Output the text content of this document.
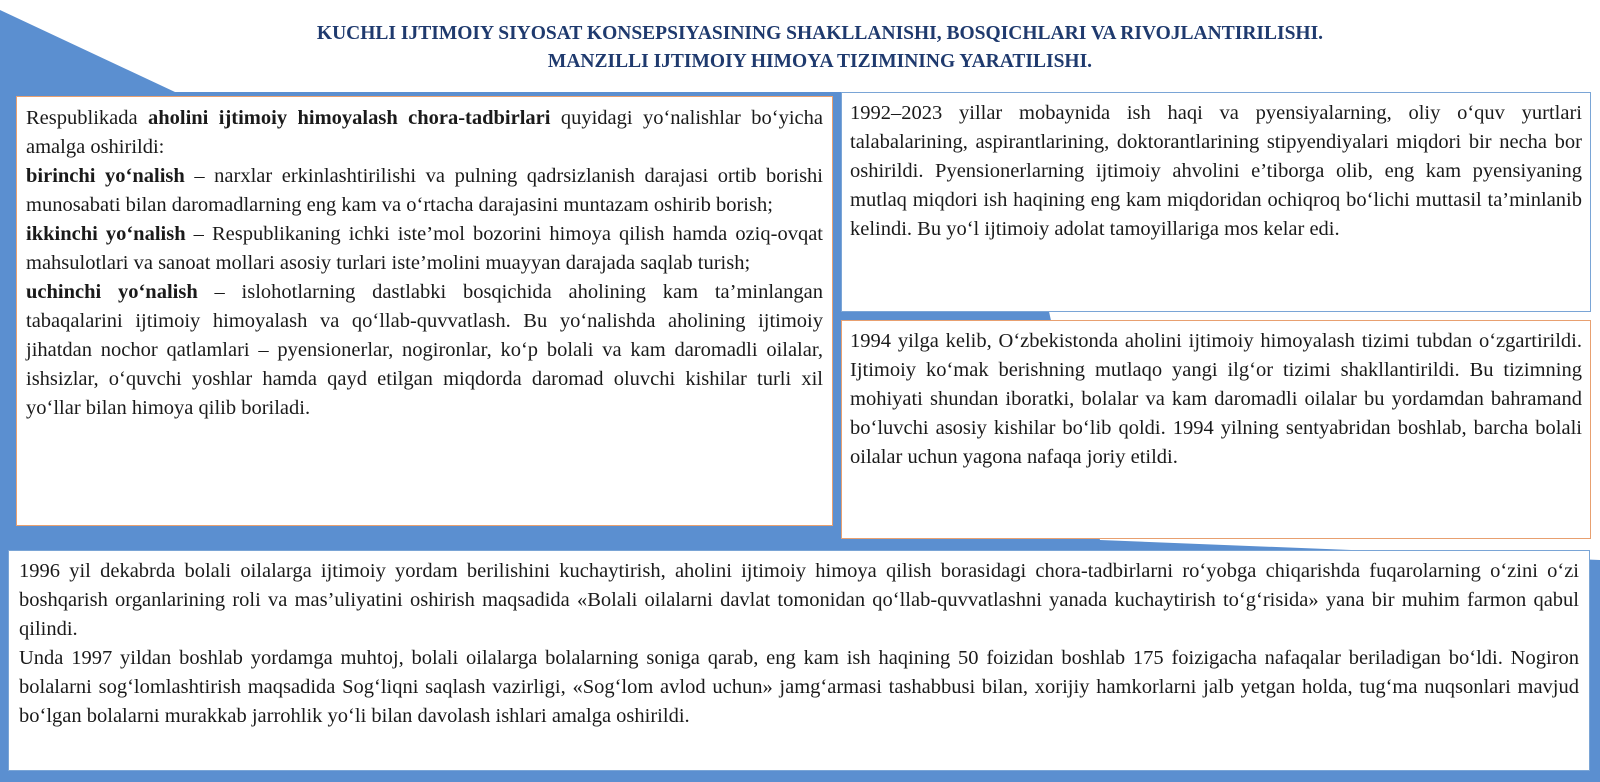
KUCHLI IJTIMOIY SIYOSAT KONSEPSIYASINING SHAKLLANISHI, BOSQICHLARI VA RIVOJLANTIRILISHI.
MANZILLI IJTIMOIY HIMOYA TIZIMINING YARATILISHI.

Respublikada aholini ijtimoiy himoyalash chora-tadbirlari quyidagi yo‘nalishlar bo‘yicha amalga oshirildi:

birinchi yo‘nalish – narxlar erkinlashtirilishi va pulning qadrsizlanish darajasi ortib borishi munosabati bilan daromadlarning eng kam va o‘rtacha darajasini muntazam oshirib borish;

ikkinchi yo‘nalish – Respublikaning ichki iste’mol bozorini himoya qilish hamda oziq-ovqat mahsulotlari va sanoat mollari asosiy turlari iste’molini muayyan darajada saqlab turish;

uchinchi yo‘nalish – islohotlarning dastlabki bosqichida aholining kam ta’minlangan tabaqalarini ijtimoiy himoyalash va qo‘llab-quvvatlash. Bu yo‘nalishda aholining ijtimoiy jihatdan nochor qatlamlari – pyensionerlar, nogironlar, ko‘p bolali va kam daromadli oilalar, ishsizlar, o‘quvchi yoshlar hamda qayd etilgan miqdorda daromad oluvchi kishilar turli xil yo‘llar bilan himoya qilib boriladi.

1992–2023 yillar mobaynida ish haqi va pyensiyalarning, oliy o‘quv yurtlari talabalarining, aspirantlarining, doktorantlarining stipyendiyalari miqdori bir necha bor oshirildi. Pyensionerlarning ijtimoiy ahvolini e’tiborga olib, eng kam pyensiyaning mutlaq miqdori ish haqining eng kam miqdoridan ochiqroq bo‘lichi muttasil ta’minlanib kelindi. Bu yo‘l ijtimoiy adolat tamoyillariga mos kelar edi.

1994 yilga kelib, O‘zbekistonda aholini ijtimoiy himoyalash tizimi tubdan o‘zgartirildi. Ijtimoiy ko‘mak berishning mutlaqo yangi ilg‘or tizimi shakllantirildi. Bu tizimning mohiyati shundan iboratki, bolalar va kam daromadli oilalar bu yordamdan bahramand bo‘luvchi asosiy kishilar bo‘lib qoldi. 1994 yilning sentyabridan boshlab, barcha bolali oilalar uchun yagona nafaqa joriy etildi.

1996 yil dekabrda bolali oilalarga ijtimoiy yordam berilishini kuchaytirish, aholini ijtimoiy himoya qilish borasidagi chora-tadbirlarni ro‘yobga chiqarishda fuqarolarning o‘zini o‘zi boshqarish organlarining roli va mas’uliyatini oshirish maqsadida «Bolali oilalarni davlat tomonidan qo‘llab-quvvatlashni yanada kuchaytirish to‘g‘risida» yana bir muhim farmon qabul qilindi.

Unda 1997 yildan boshlab yordamga muhtoj, bolali oilalarga bolalarning soniga qarab, eng kam ish haqining 50 foizidan boshlab 175 foizigacha nafaqalar beriladigan bo‘ldi. Nogiron bolalarni sog‘lomlashtirish maqsadida Sog‘liqni saqlash vazirligi, «Sog‘lom avlod uchun» jamg‘armasi tashabbusi bilan, xorijiy hamkorlarni jalb yetgan holda, tug‘ma nuqsonlari mavjud bo‘lgan bolalarni murakkab jarrohlik yo‘li bilan davolash ishlari amalga oshirildi.
